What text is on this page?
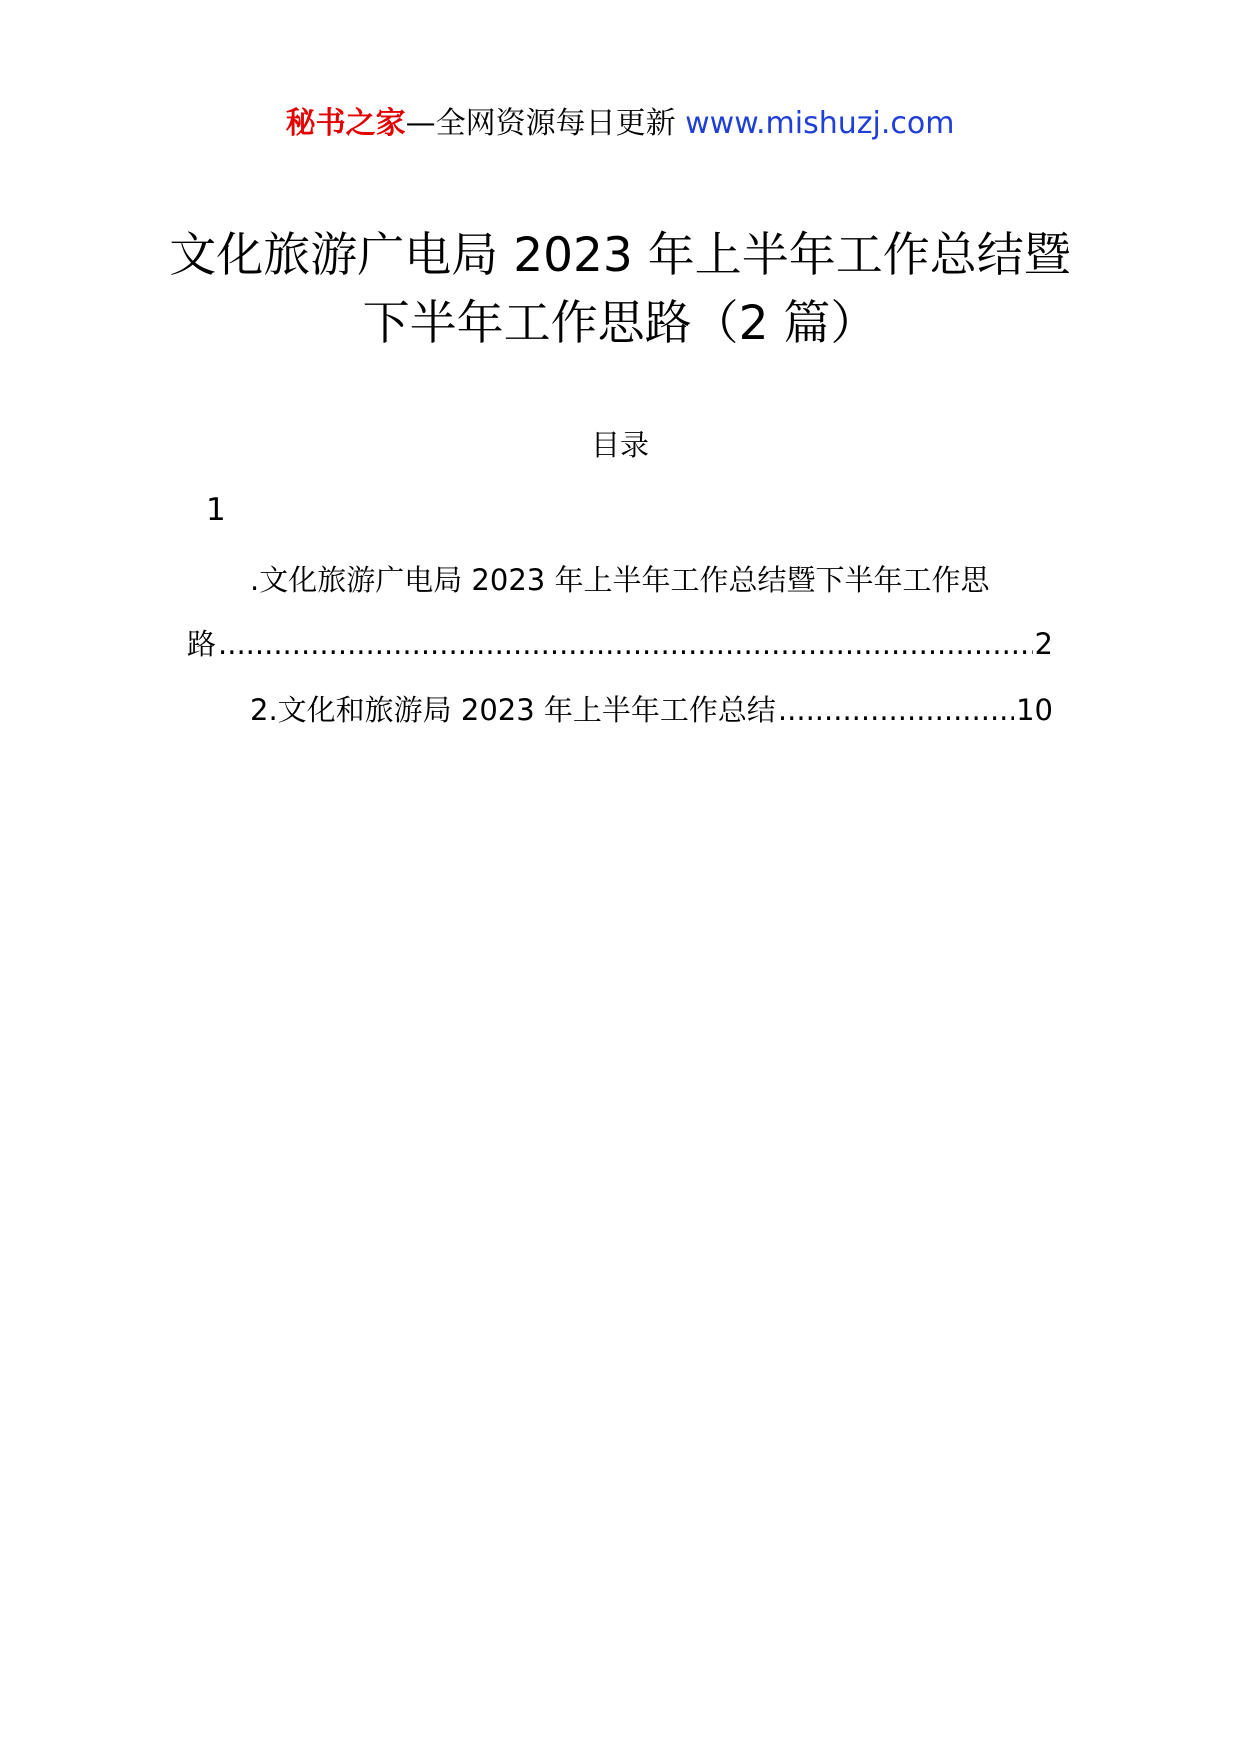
秘书之家—全网资源每日更新 www.mishuzj.com
文化旅游广电局 2023 年上半年工作总结暨
下半年工作思路（2 篇）
目录
1
.文化旅游广电局 2023 年上半年工作总结暨下半年工作思
路 .....	2
2.文化和旅游局 2023 年上半年工作总结 .....	10
